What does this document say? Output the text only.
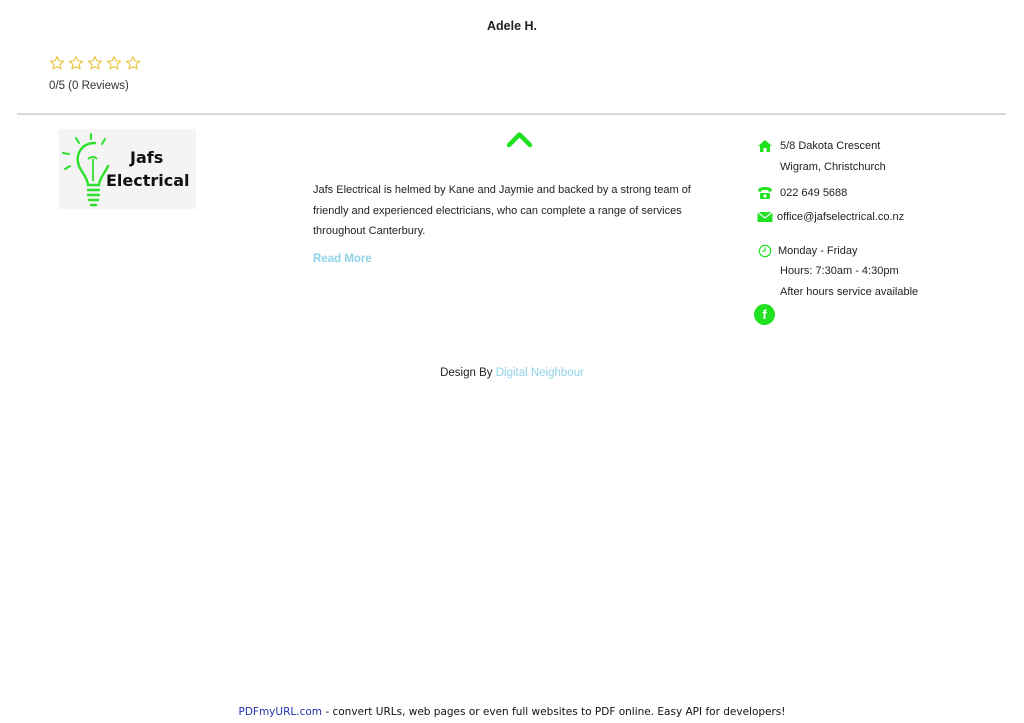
Adele H.
0/5 (0 Reviews)
Jafs
Electrical	Jafs Electrical is helmed by Kane and Jaymie and backed by a strong team of friendly and experienced electricians, who can complete a range of services throughout Canterbury.
Read More
5/8 Dakota Crescent
Wigram, Christchurch
022 649 5688
office@jafselectrical.co.nz
Monday - Friday
Hours: 7:30am - 4:30pm
After hours service available
f
Design By Digital Neighbour
PDFmyURL.com - convert URLs, web pages or even full websites to PDF online. Easy API for developers!
